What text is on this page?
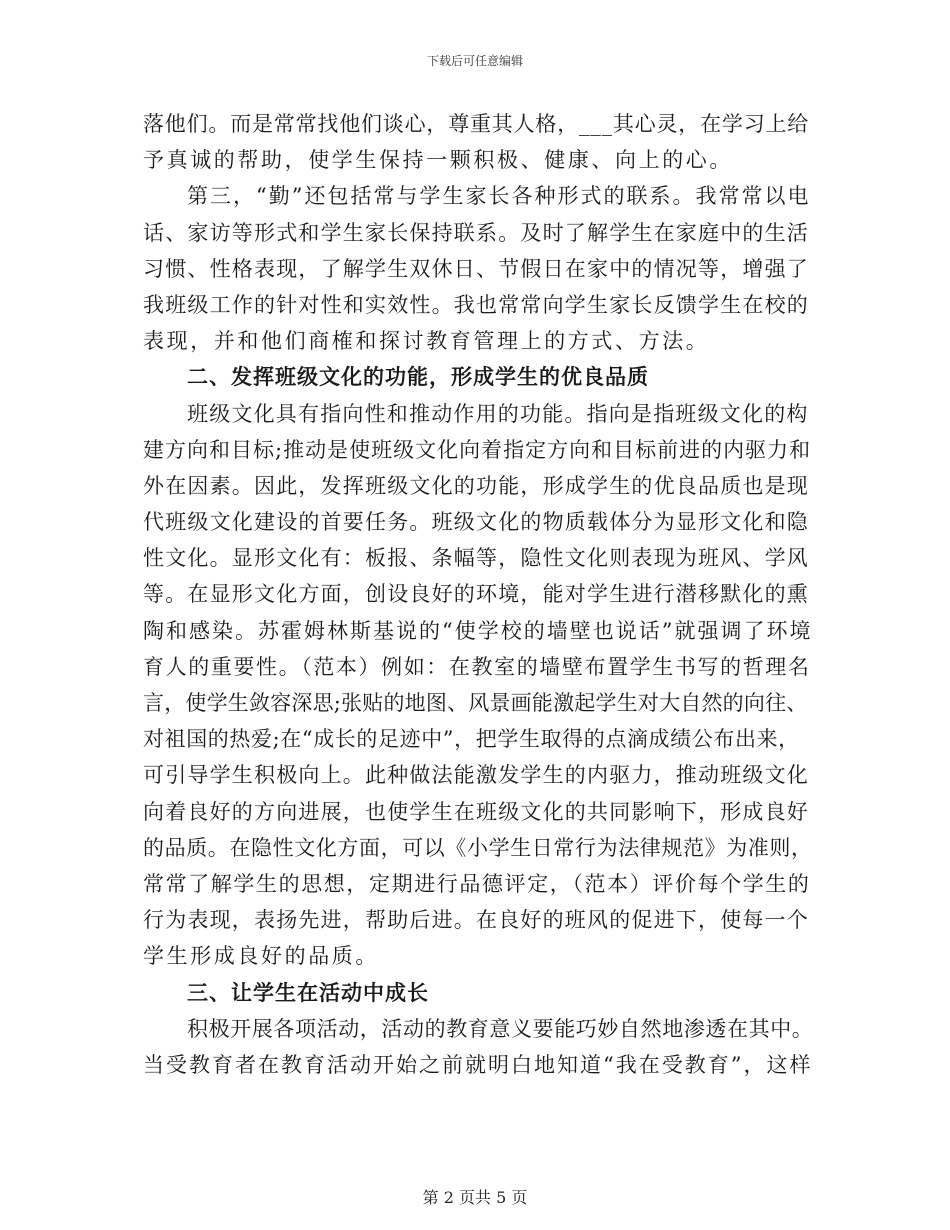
下载后可任意编辑
落他们。而是常常找他们谈心，尊重其人格，___其心灵，在学习上给
予真诚的帮助，使学生保持一颗积极、健康、向上的心。
第三，“勤”还包括常与学生家长各种形式的联系。我常常以电
话、家访等形式和学生家长保持联系。及时了解学生在家庭中的生活
习惯、性格表现，了解学生双休日、节假日在家中的情况等，增强了
我班级工作的针对性和实效性。我也常常向学生家长反馈学生在校的
表现，并和他们商榷和探讨教育管理上的方式、方法。
二、发挥班级文化的功能，形成学生的优良品质
班级文化具有指向性和推动作用的功能。指向是指班级文化的构
建方向和目标;推动是使班级文化向着指定方向和目标前进的内驱力和
外在因素。因此，发挥班级文化的功能，形成学生的优良品质也是现
代班级文化建设的首要任务。班级文化的物质载体分为显形文化和隐
性文化。显形文化有：板报、条幅等，隐性文化则表现为班风、学风
等。在显形文化方面，创设良好的环境，能对学生进行潜移默化的熏
陶和感染。苏霍姆林斯基说的“使学校的墙壁也说话”就强调了环境
育人的重要性。（范本）例如：在教室的墙壁布置学生书写的哲理名
言，使学生敛容深思;张贴的地图、风景画能激起学生对大自然的向往、
对祖国的热爱;在“成长的足迹中”，把学生取得的点滴成绩公布出来，
可引导学生积极向上。此种做法能激发学生的内驱力，推动班级文化
向着良好的方向进展，也使学生在班级文化的共同影响下，形成良好
的品质。在隐性文化方面，可以《小学生日常行为法律规范》为准则，
常常了解学生的思想，定期进行品德评定，（范本）评价每个学生的
行为表现，表扬先进，帮助后进。在良好的班风的促进下，使每一个
学生形成良好的品质。
三、让学生在活动中成长
积极开展各项活动，活动的教育意义要能巧妙自然地渗透在其中。
当受教育者在教育活动开始之前就明白地知道“我在受教育”，这样
第 2 页共 5 页
